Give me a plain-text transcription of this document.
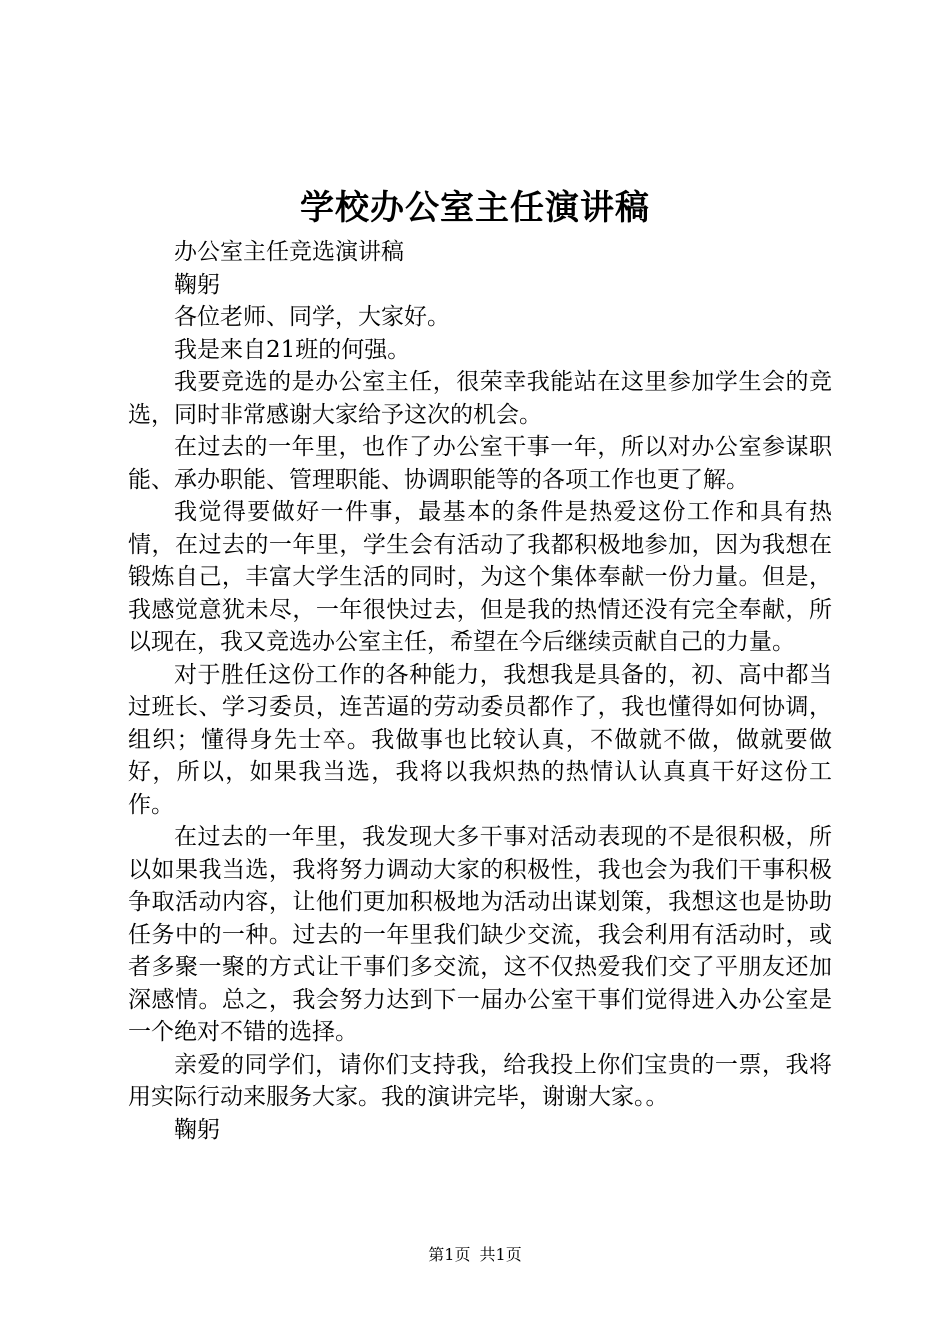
学校办公室主任演讲稿

办公室主任竞选演讲稿

鞠躬

各位老师、同学，大家好。

我是来自21班的何强。

我要竞选的是办公室主任，很荣幸我能站在这里参加学生会的竞选，同时非常感谢大家给予这次的机会。

在过去的一年里，也作了办公室干事一年，所以对办公室参谋职能、承办职能、管理职能、协调职能等的各项工作也更了解。

我觉得要做好一件事，最基本的条件是热爱这份工作和具有热情，在过去的一年里，学生会有活动了我都积极地参加，因为我想在锻炼自己，丰富大学生活的同时，为这个集体奉献一份力量。但是，我感觉意犹未尽，一年很快过去，但是我的热情还没有完全奉献，所以现在，我又竞选办公室主任，希望在今后继续贡献自己的力量。

对于胜任这份工作的各种能力，我想我是具备的，初、高中都当过班长、学习委员，连苦逼的劳动委员都作了，我也懂得如何协调，组织；懂得身先士卒。我做事也比较认真，不做就不做，做就要做好，所以，如果我当选，我将以我炽热的热情认认真真干好这份工作。

在过去的一年里，我发现大多干事对活动表现的不是很积极，所以如果我当选，我将努力调动大家的积极性，我也会为我们干事积极争取活动内容，让他们更加积极地为活动出谋划策，我想这也是协助任务中的一种。过去的一年里我们缺少交流，我会利用有活动时，或者多聚一聚的方式让干事们多交流，这不仅热爱我们交了平朋友还加深感情。总之，我会努力达到下一届办公室干事们觉得进入办公室是一个绝对不错的选择。

亲爱的同学们，请你们支持我，给我投上你们宝贵的一票，我将用实际行动来服务大家。我的演讲完毕，谢谢大家。。

鞠躬

第1页 共1页
